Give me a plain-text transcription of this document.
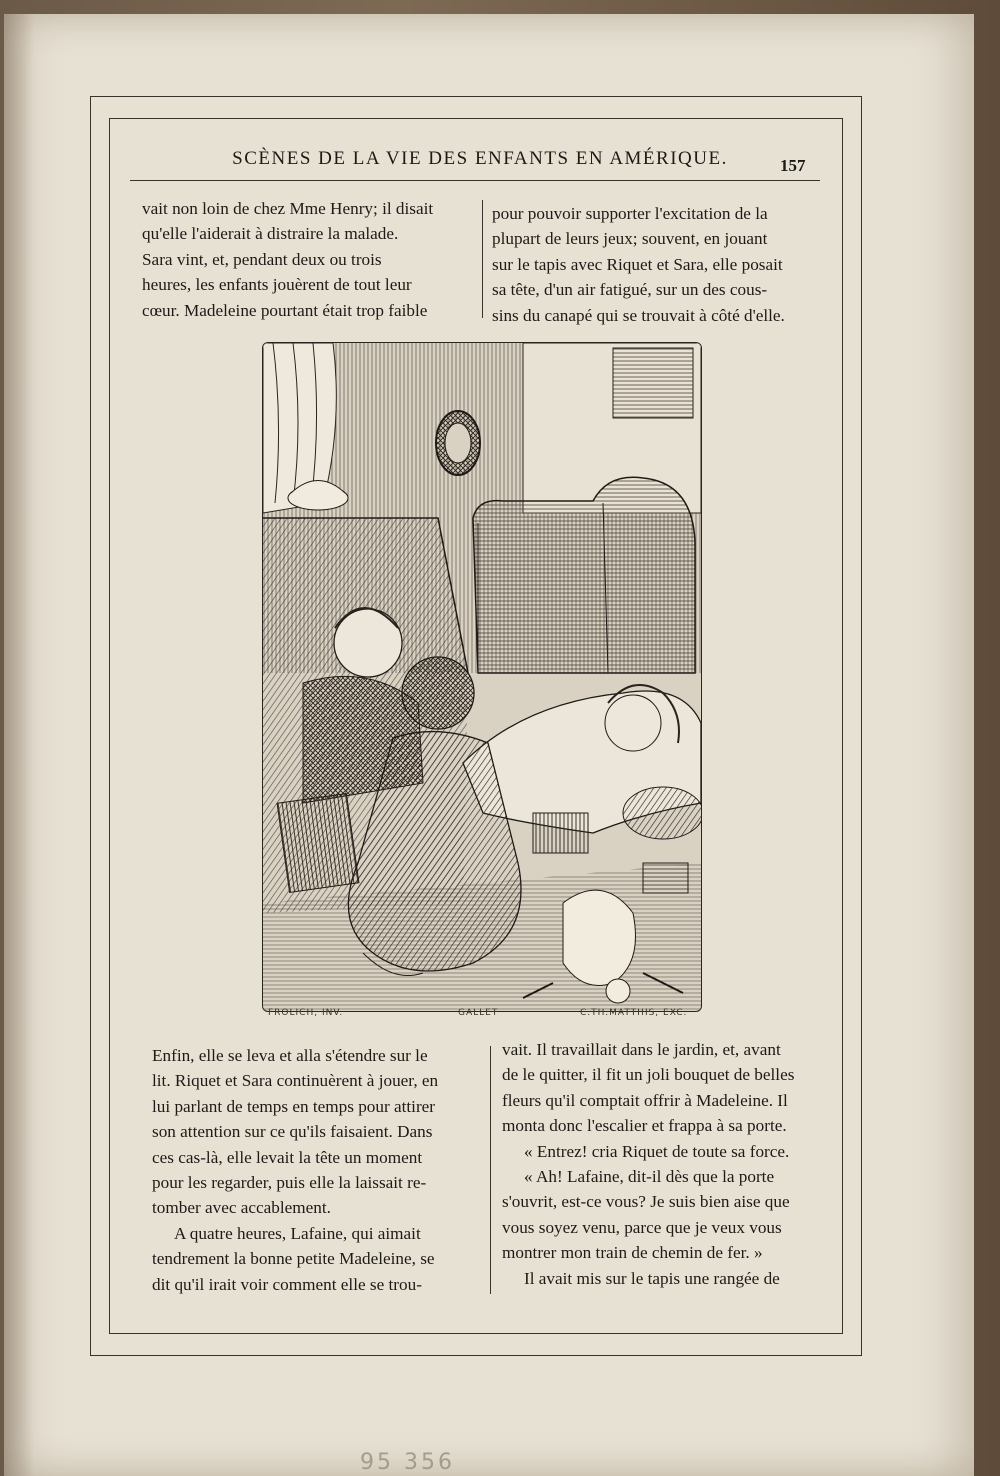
SCÈNES DE LA VIE DES ENFANTS EN AMÉRIQUE.	157

vait non loin de chez Mme Henry; il disait
qu'elle l'aiderait à distraire la malade.
Sara vint, et, pendant deux ou trois
heures, les enfants jouèrent de tout leur
cœur. Madeleine pourtant était trop faible

pour pouvoir supporter l'excitation de la
plupart de leurs jeux; souvent, en jouant
sur le tapis avec Riquet et Sara, elle posait
sa tête, d'un air fatigué, sur un des cous-
sins du canapé qui se trouvait à côté d'elle.

FROLICH, INV.	GALLET	C.TH.MATTHIS, EXC.

Enfin, elle se leva et alla s'étendre sur le
lit. Riquet et Sara continuèrent à jouer, en
lui parlant de temps en temps pour attirer
son attention sur ce qu'ils faisaient. Dans
ces cas-là, elle levait la tête un moment
pour les regarder, puis elle la laissait re-
tomber avec accablement.

A quatre heures, Lafaine, qui aimait
tendrement la bonne petite Madeleine, se
dit qu'il irait voir comment elle se trou-

vait. Il travaillait dans le jardin, et, avant
de le quitter, il fit un joli bouquet de belles
fleurs qu'il comptait offrir à Madeleine. Il
monta donc l'escalier et frappa à sa porte.

« Entrez! cria Riquet de toute sa force.

« Ah! Lafaine, dit-il dès que la porte
s'ouvrit, est-ce vous? Je suis bien aise que
vous soyez venu, parce que je veux vous
montrer mon train de chemin de fer. »

Il avait mis sur le tapis une rangée de

95 356
